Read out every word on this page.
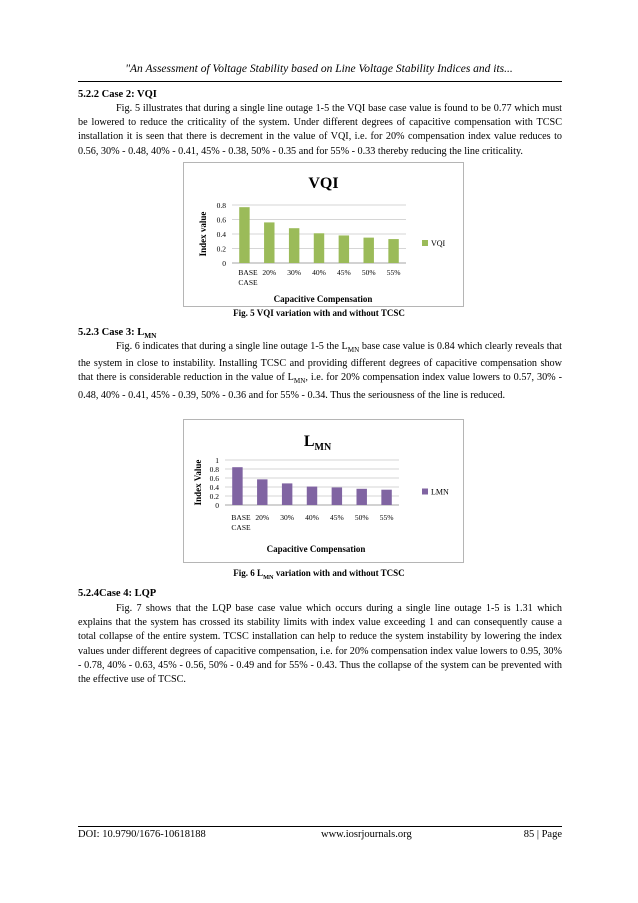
"An Assessment of Voltage Stability based on Line Voltage Stability Indices and its...
5.2.2 Case 2: VQI

Fig. 5 illustrates that during a single line outage 1-5 the VQI base case value is found to be 0.77 which must be lowered to reduce the criticality of the system. Under different degrees of capacitive compensation with TCSC installation it is seen that there is decrement in the value of VQI, i.e. for 20% compensation index value reduces to 0.56, 30% - 0.48, 40% - 0.41, 45% - 0.38, 50% - 0.35 and for 55% - 0.33 thereby reducing the line criticality.

0
0.2
0.4
0.6
0.8
BASE CASE
20% 30% 40% 45% 50% 55%
VQI
Capacitive Compensation
Index value	VQI
Fig. 5 VQI variation with and without TCSC
5.2.3 Case 3: $L_{MN}$

Fig. 6 indicates that during a single line outage 1-5 the $L_{MN}$ base case value is 0.84 which clearly reveals that the system in close to instability. Installing TCSC and providing different degrees of capacitive compensation show that there is considerable reduction in the value of $L_{MN}$, i.e. for 20% compensation index value lowers to 0.57, 30% - 0.48, 40% - 0.41, 45% - 0.39, 50% - 0.36 and for 55% - 0.34. Thus the seriousness of the line is reduced.

0
0.2
0.4
0.6
0.8
1
BASE CASE
20% 30% 40% 45% 50% 55%
$L_{MN}$
Capacitive Compensation
Index Value	LMN
Fig. 6 $L_{MN}$ variation with and without TCSC
5.2.4Case 4: LQP

Fig. 7 shows that the LQP base case value which occurs during a single line outage 1-5 is 1.31 which explains that the system has crossed its stability limits with index value exceeding 1 and can consequently cause a total collapse of the entire system. TCSC installation can help to reduce the system instability by lowering the index values under different degrees of capacitive compensation, i.e. for 20% compensation index value lowers to 0.95, 30% - 0.78, 40% - 0.63, 45% - 0.56, 50% - 0.49 and for 55% - 0.43. Thus the collapse of the system can be prevented with the effective use of TCSC.

DOI: 10.9790/1676-10618188	www.iosrjournals.org	85 | Page
